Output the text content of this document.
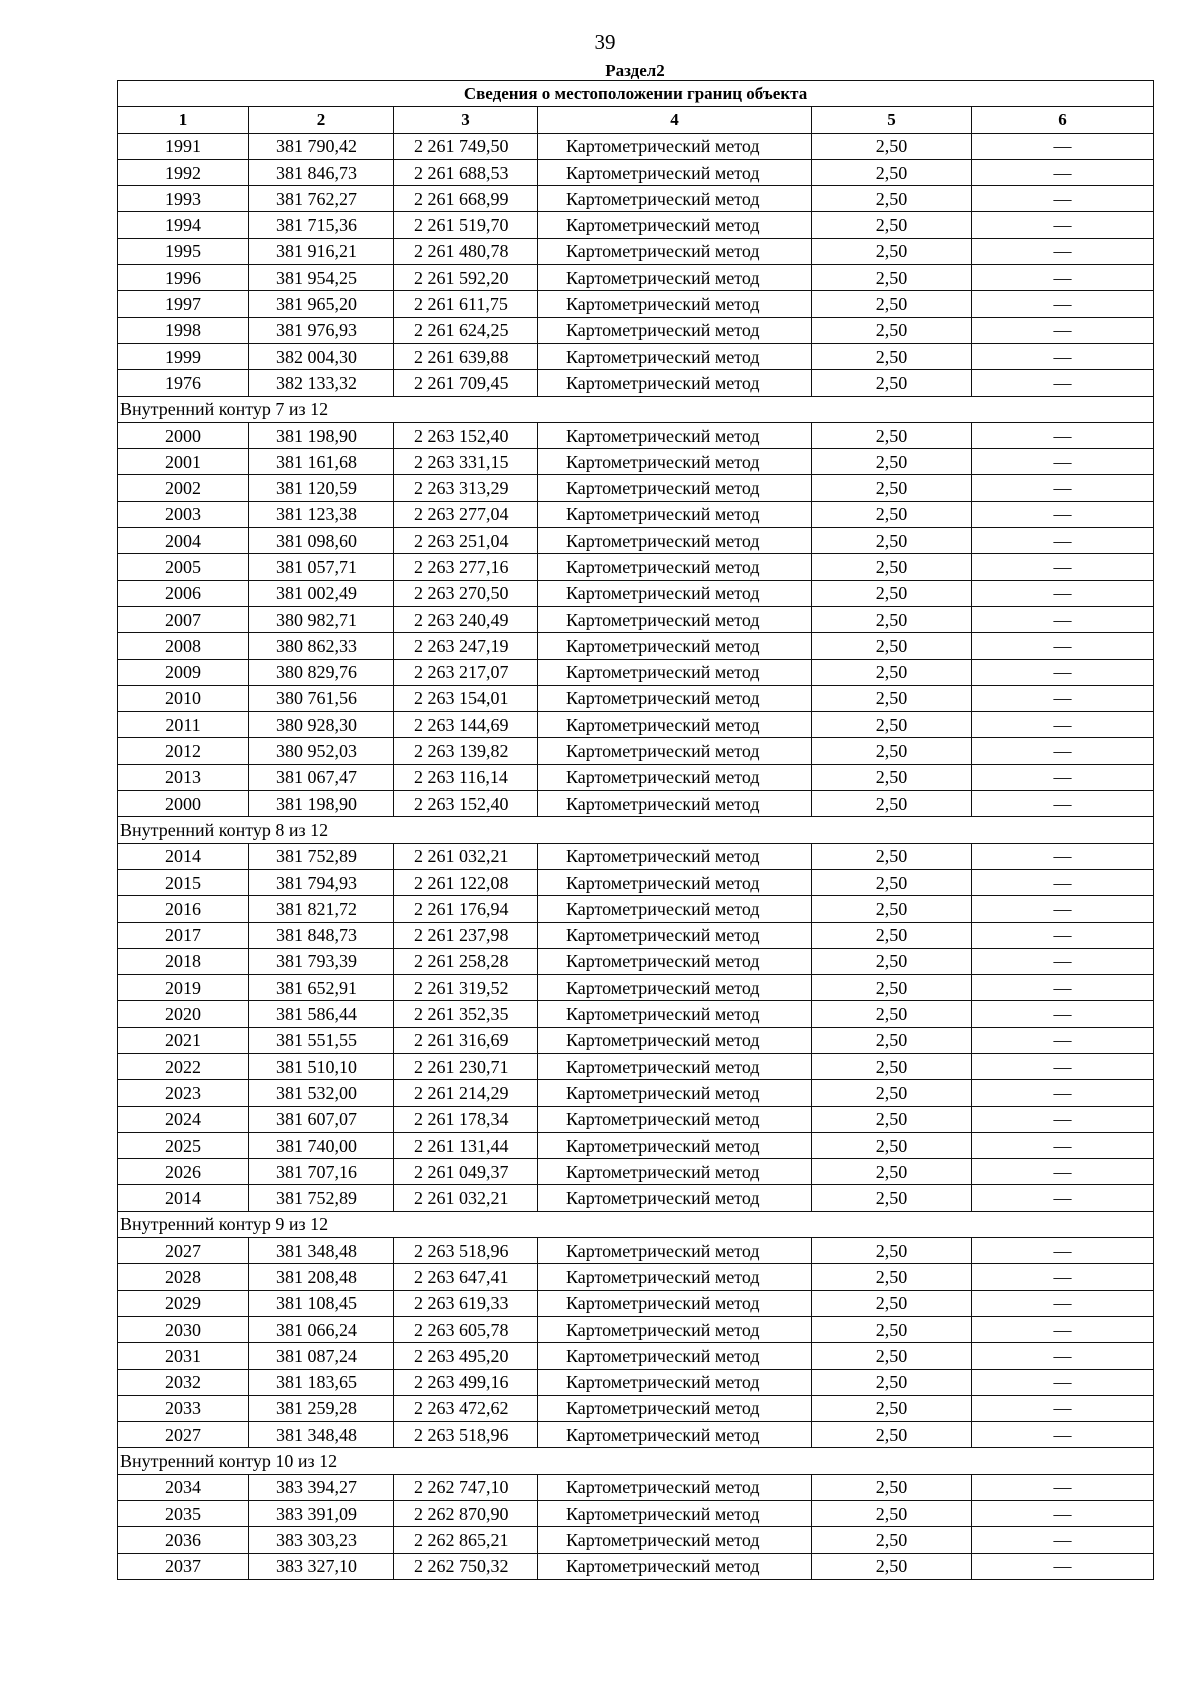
39
Раздел2
Сведения о местоположении границ объекта					
1	2	3	4	5	6
1991	381 790,42	2 261 749,50	Картометрический метод	2,50	—
1992	381 846,73	2 261 688,53	Картометрический метод	2,50	—
1993	381 762,27	2 261 668,99	Картометрический метод	2,50	—
1994	381 715,36	2 261 519,70	Картометрический метод	2,50	—
1995	381 916,21	2 261 480,78	Картометрический метод	2,50	—
1996	381 954,25	2 261 592,20	Картометрический метод	2,50	—
1997	381 965,20	2 261 611,75	Картометрический метод	2,50	—
1998	381 976,93	2 261 624,25	Картометрический метод	2,50	—
1999	382 004,30	2 261 639,88	Картометрический метод	2,50	—
1976	382 133,32	2 261 709,45	Картометрический метод	2,50	—
Внутренний контур 7 из 12					
2000	381 198,90	2 263 152,40	Картометрический метод	2,50	—
2001	381 161,68	2 263 331,15	Картометрический метод	2,50	—
2002	381 120,59	2 263 313,29	Картометрический метод	2,50	—
2003	381 123,38	2 263 277,04	Картометрический метод	2,50	—
2004	381 098,60	2 263 251,04	Картометрический метод	2,50	—
2005	381 057,71	2 263 277,16	Картометрический метод	2,50	—
2006	381 002,49	2 263 270,50	Картометрический метод	2,50	—
2007	380 982,71	2 263 240,49	Картометрический метод	2,50	—
2008	380 862,33	2 263 247,19	Картометрический метод	2,50	—
2009	380 829,76	2 263 217,07	Картометрический метод	2,50	—
2010	380 761,56	2 263 154,01	Картометрический метод	2,50	—
2011	380 928,30	2 263 144,69	Картометрический метод	2,50	—
2012	380 952,03	2 263 139,82	Картометрический метод	2,50	—
2013	381 067,47	2 263 116,14	Картометрический метод	2,50	—
2000	381 198,90	2 263 152,40	Картометрический метод	2,50	—
Внутренний контур 8 из 12					
2014	381 752,89	2 261 032,21	Картометрический метод	2,50	—
2015	381 794,93	2 261 122,08	Картометрический метод	2,50	—
2016	381 821,72	2 261 176,94	Картометрический метод	2,50	—
2017	381 848,73	2 261 237,98	Картометрический метод	2,50	—
2018	381 793,39	2 261 258,28	Картометрический метод	2,50	—
2019	381 652,91	2 261 319,52	Картометрический метод	2,50	—
2020	381 586,44	2 261 352,35	Картометрический метод	2,50	—
2021	381 551,55	2 261 316,69	Картометрический метод	2,50	—
2022	381 510,10	2 261 230,71	Картометрический метод	2,50	—
2023	381 532,00	2 261 214,29	Картометрический метод	2,50	—
2024	381 607,07	2 261 178,34	Картометрический метод	2,50	—
2025	381 740,00	2 261 131,44	Картометрический метод	2,50	—
2026	381 707,16	2 261 049,37	Картометрический метод	2,50	—
2014	381 752,89	2 261 032,21	Картометрический метод	2,50	—
Внутренний контур 9 из 12					
2027	381 348,48	2 263 518,96	Картометрический метод	2,50	—
2028	381 208,48	2 263 647,41	Картометрический метод	2,50	—
2029	381 108,45	2 263 619,33	Картометрический метод	2,50	—
2030	381 066,24	2 263 605,78	Картометрический метод	2,50	—
2031	381 087,24	2 263 495,20	Картометрический метод	2,50	—
2032	381 183,65	2 263 499,16	Картометрический метод	2,50	—
2033	381 259,28	2 263 472,62	Картометрический метод	2,50	—
2027	381 348,48	2 263 518,96	Картометрический метод	2,50	—
Внутренний контур 10 из 12					
2034	383 394,27	2 262 747,10	Картометрический метод	2,50	—
2035	383 391,09	2 262 870,90	Картометрический метод	2,50	—
2036	383 303,23	2 262 865,21	Картометрический метод	2,50	—
2037	383 327,10	2 262 750,32	Картометрический метод	2,50	—
